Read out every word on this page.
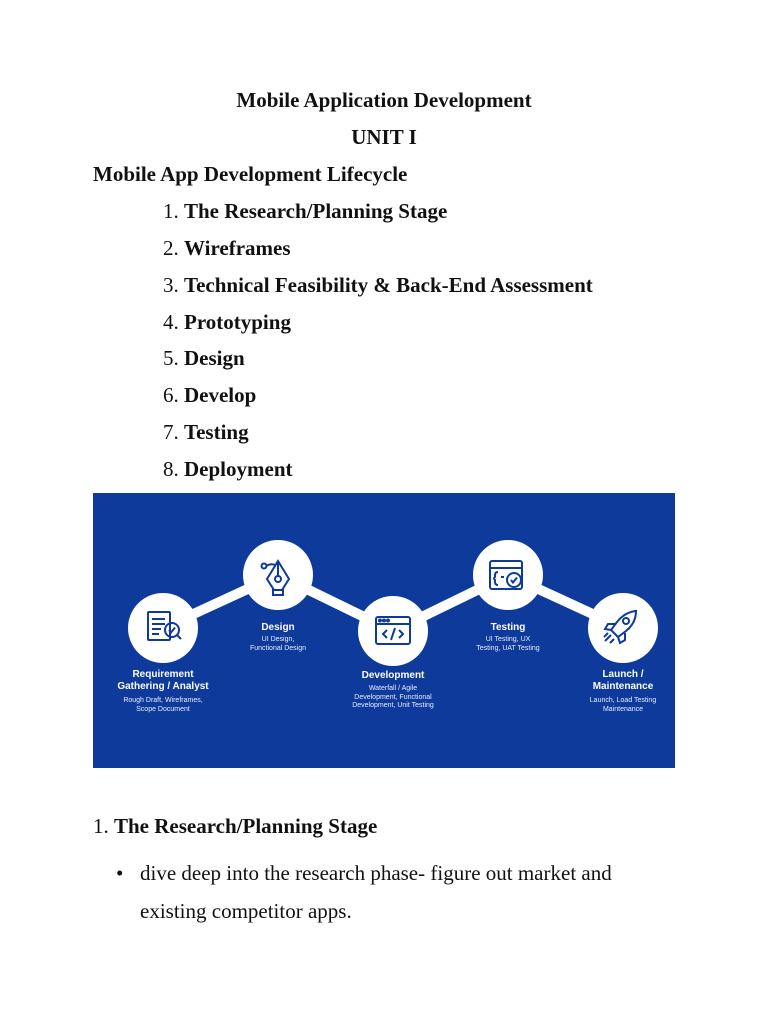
Mobile Application Development
UNIT I
Mobile App Development Lifecycle
1. The Research/Planning Stage
2. Wireframes
3. Technical Feasibility & Back-End Assessment
4. Prototyping
5. Design
6. Develop
7. Testing
8. Deployment
Requirement
Gathering / Analyst
Rough Draft, Wireframes,
Scope Document
Design
UI Design,
Functional Design
Development
Waterfall / Agile
Development, Functional
Development, Unit Testing
Testing
UI Testing, UX
Testing, UAT Testing
Launch /
Maintenance
Launch, Load Testing
Maintenance
1. The Research/Planning Stage
• dive deep into the research phase- figure out market and
existing competitor apps.
